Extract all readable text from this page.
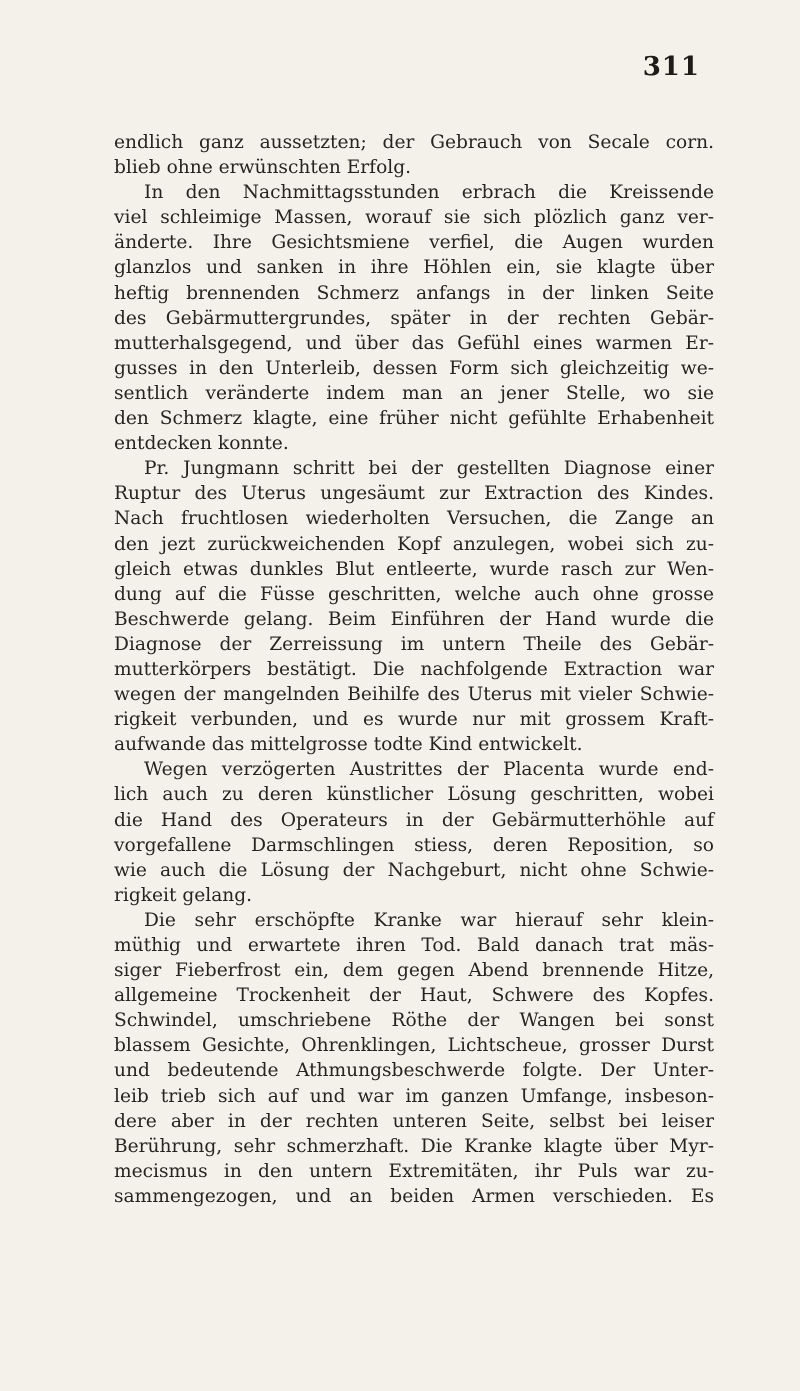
311

endlich ganz aussetzten; der Gebrauch von Secale corn.

blieb ohne erwünschten Erfolg.

In den Nachmittagsstunden erbrach die Kreissende

viel schleimige Massen, worauf sie sich plözlich ganz ver-

änderte. Ihre Gesichtsmiene verfiel, die Augen wurden

glanzlos und sanken in ihre Höhlen ein, sie klagte über

heftig brennenden Schmerz anfangs in der linken Seite

des Gebärmuttergrundes, später in der rechten Gebär-

mutterhalsgegend, und über das Gefühl eines warmen Er-

gusses in den Unterleib, dessen Form sich gleichzeitig we-

sentlich veränderte indem man an jener Stelle, wo sie

den Schmerz klagte, eine früher nicht gefühlte Erhabenheit

entdecken konnte.

Pr. Jungmann schritt bei der gestellten Diagnose einer

Ruptur des Uterus ungesäumt zur Extraction des Kindes.

Nach fruchtlosen wiederholten Versuchen, die Zange an

den jezt zurückweichenden Kopf anzulegen, wobei sich zu-

gleich etwas dunkles Blut entleerte, wurde rasch zur Wen-

dung auf die Füsse geschritten, welche auch ohne grosse

Beschwerde gelang. Beim Einführen der Hand wurde die

Diagnose der Zerreissung im untern Theile des Gebär-

mutterkörpers bestätigt. Die nachfolgende Extraction war

wegen der mangelnden Beihilfe des Uterus mit vieler Schwie-

rigkeit verbunden, und es wurde nur mit grossem Kraft-

aufwande das mittelgrosse todte Kind entwickelt.

Wegen verzögerten Austrittes der Placenta wurde end-

lich auch zu deren künstlicher Lösung geschritten, wobei

die Hand des Operateurs in der Gebärmutterhöhle auf

vorgefallene Darmschlingen stiess, deren Reposition, so

wie auch die Lösung der Nachgeburt, nicht ohne Schwie-

rigkeit gelang.

Die sehr erschöpfte Kranke war hierauf sehr klein-

müthig und erwartete ihren Tod. Bald danach trat mäs-

siger Fieberfrost ein, dem gegen Abend brennende Hitze,

allgemeine Trockenheit der Haut, Schwere des Kopfes.

Schwindel, umschriebene Röthe der Wangen bei sonst

blassem Gesichte, Ohrenklingen, Lichtscheue, grosser Durst

und bedeutende Athmungsbeschwerde folgte. Der Unter-

leib trieb sich auf und war im ganzen Umfange, insbeson-

dere aber in der rechten unteren Seite, selbst bei leiser

Berührung, sehr schmerzhaft. Die Kranke klagte über Myr-

mecismus in den untern Extremitäten, ihr Puls war zu-

sammengezogen, und an beiden Armen verschieden. Es
